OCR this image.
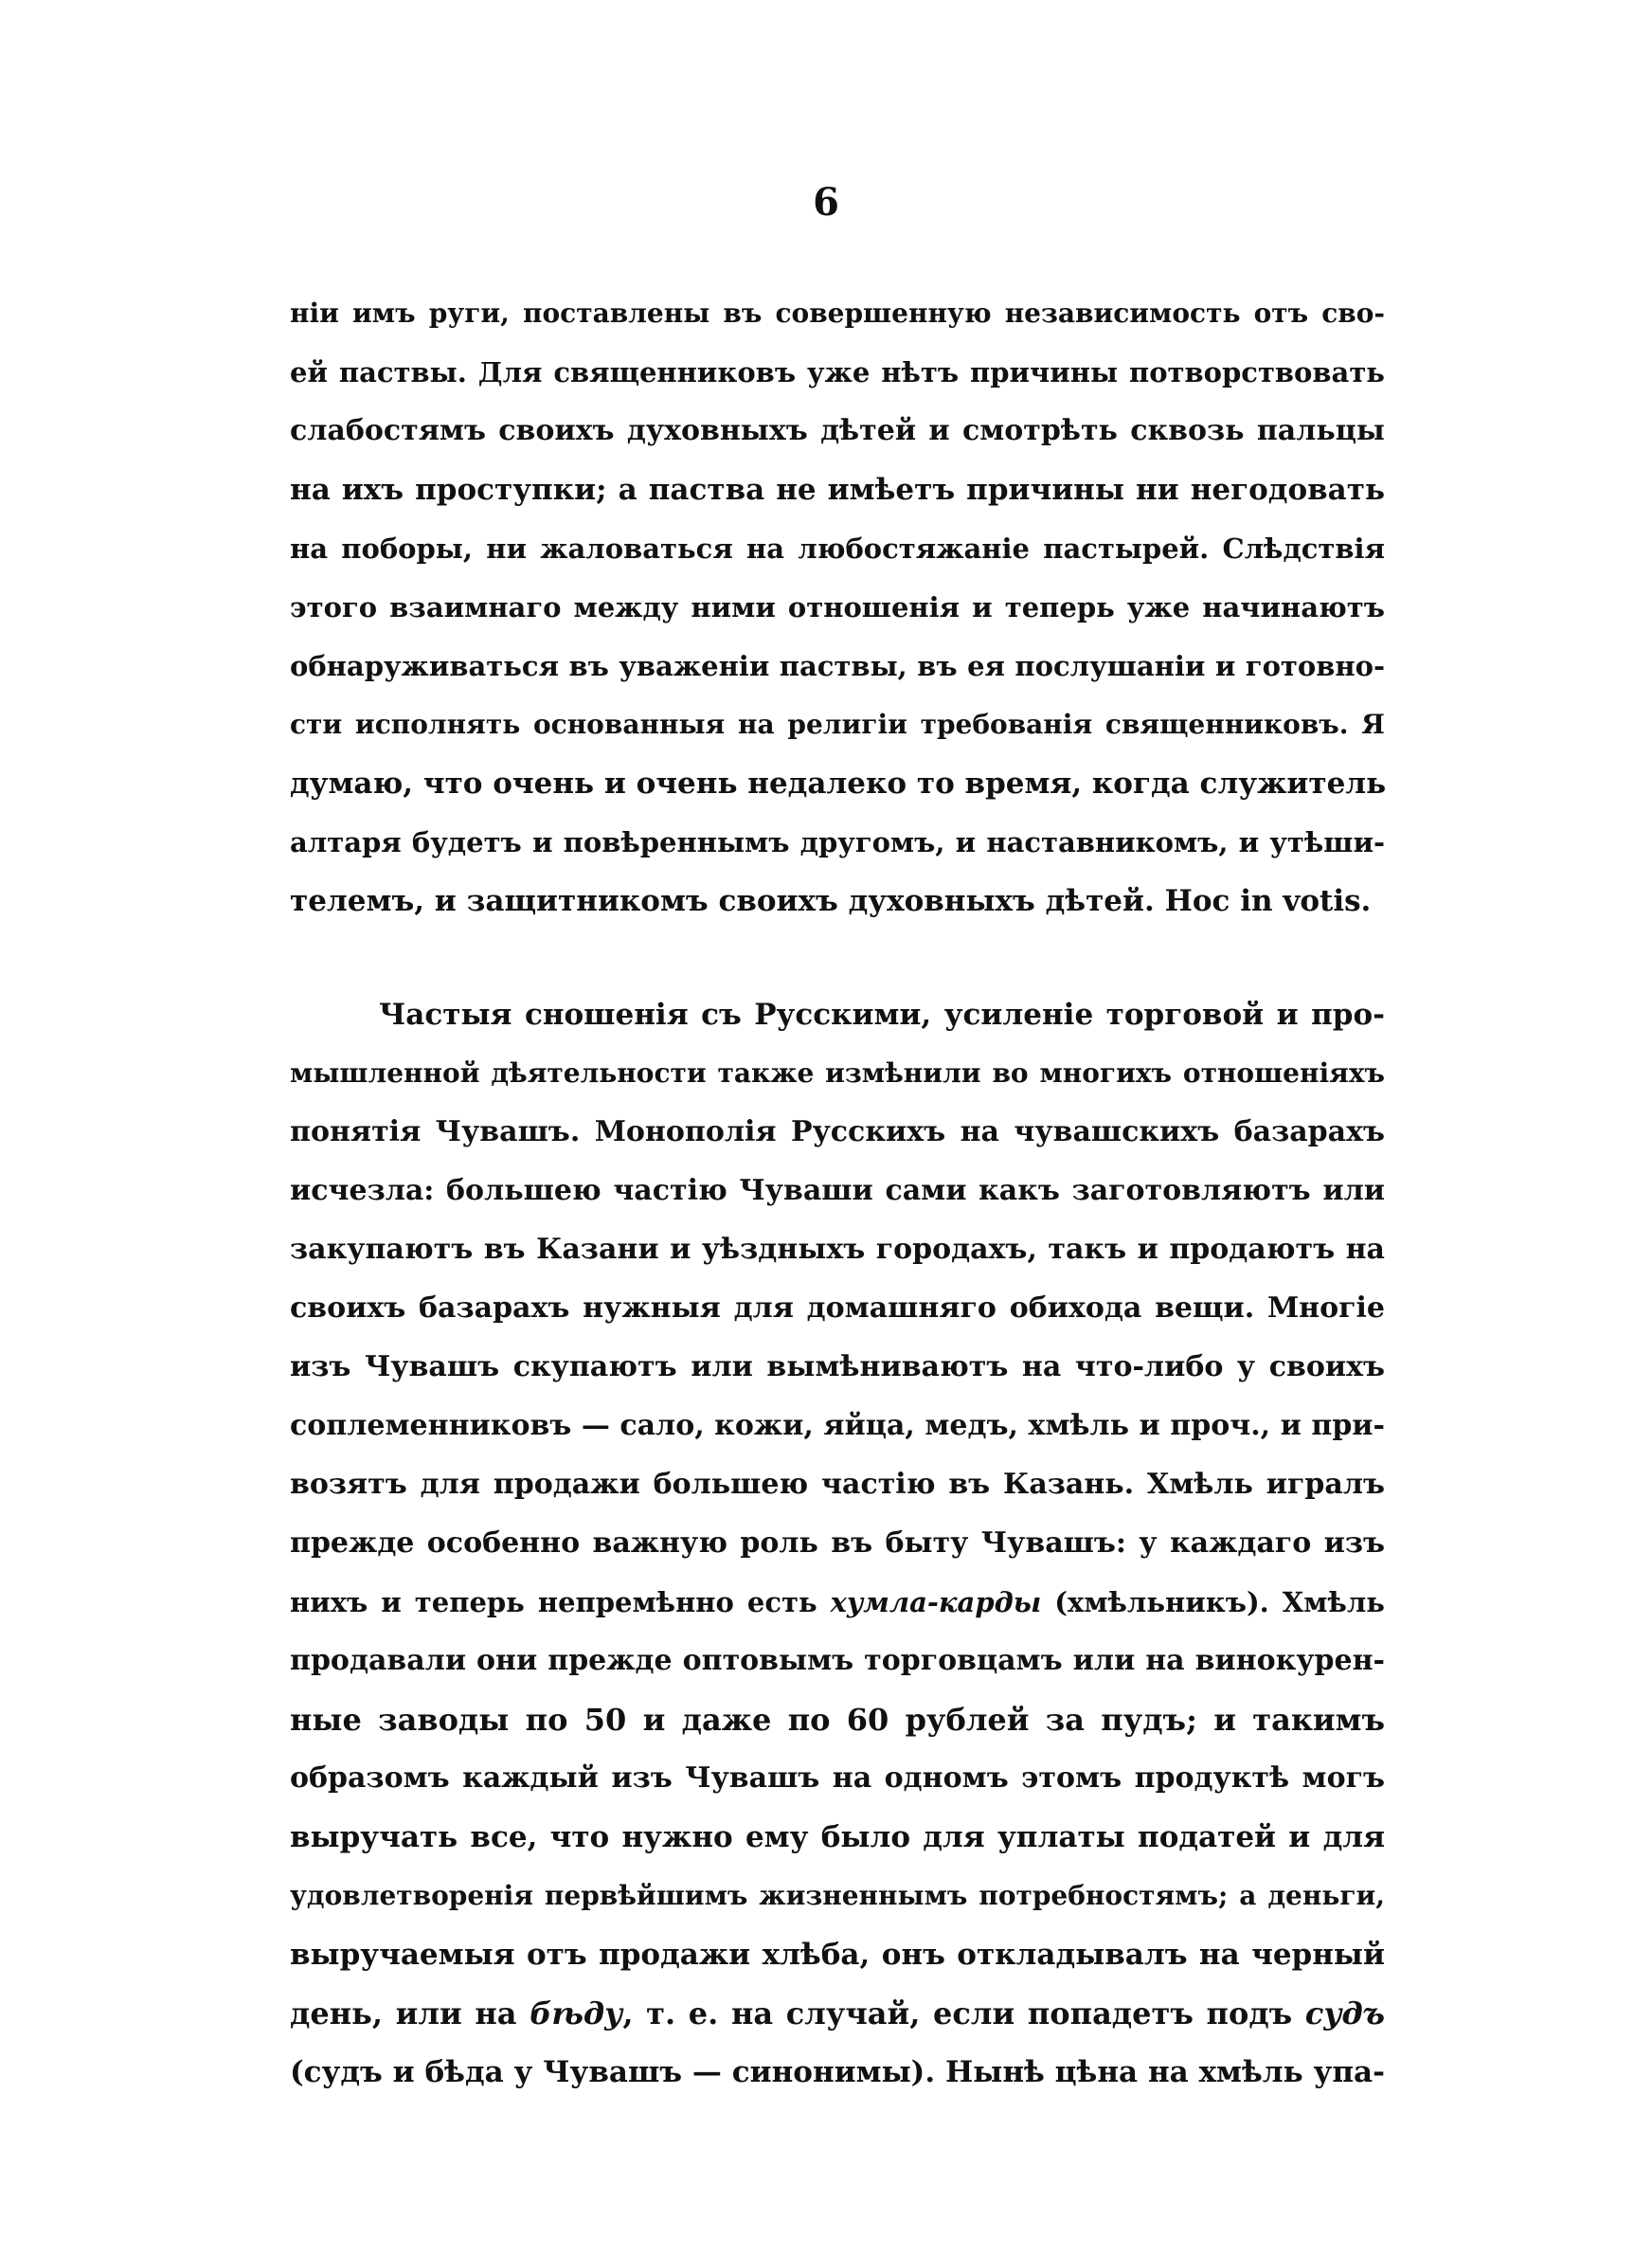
6
нiи имъ руги, поставлены въ совершенную независимость отъ сво-
ей паствы. Для священниковъ уже нѣтъ причины потворствовать
слабостямъ своихъ духовныхъ дѣтей и смотрѣть сквозь пальцы
на ихъ проступки; а паства не имѣетъ причины ни негодовать
на поборы, ни жаловаться на любостяжанiе пастырей. Слѣдствiя
этого взаимнаго между ними отношенiя и теперь уже начинаютъ
обнаруживаться въ уваженiи паствы, въ ея послушанiи и готовно-
сти исполнять основанныя на религiи требованiя священниковъ. Я
думаю, что очень и очень недалеко то время, когда служитель
алтаря будетъ и повѣреннымъ другомъ, и наставникомъ, и утѣши-
телемъ, и защитникомъ своихъ духовныхъ дѣтей. Hoc in votis.
Частыя сношенiя съ Русскими, усиленiе торговой и про-
мышленной дѣятельности также измѣнили во многихъ отношенiяхъ
понятiя Чувашъ. Монополiя Русскихъ на чувашскихъ базарахъ
исчезла: большею частiю Чуваши сами какъ заготовляютъ или
закупаютъ въ Казани и уѣздныхъ городахъ, такъ и продаютъ на
своихъ базарахъ нужныя для домашняго обихода вещи. Многiе
изъ Чувашъ скупаютъ или вымѣниваютъ на что-либо у своихъ
соплеменниковъ — сало, кожи, яйца, медъ, хмѣль и проч., и при-
возятъ для продажи большею частiю въ Казань. Хмѣль игралъ
прежде особенно важную роль въ быту Чувашъ: у каждаго изъ
нихъ и теперь непремѣнно есть хумла-карды (хмѣльникъ). Хмѣль
продавали они прежде оптовымъ торговцамъ или на винокурен-
ные заводы по 50 и даже по 60 рублей за пудъ; и такимъ
образомъ каждый изъ Чувашъ на одномъ этомъ продуктѣ могъ
выручать все, что нужно ему было для уплаты податей и для
удовлетворенiя первѣйшимъ жизненнымъ потребностямъ; а деньги,
выручаемыя отъ продажи хлѣба, онъ откладывалъ на черный
день, или на бѣду, т. е. на случай, если попадетъ подъ судъ
(судъ и бѣда у Чувашъ — синонимы). Нынѣ цѣна на хмѣль упа-
